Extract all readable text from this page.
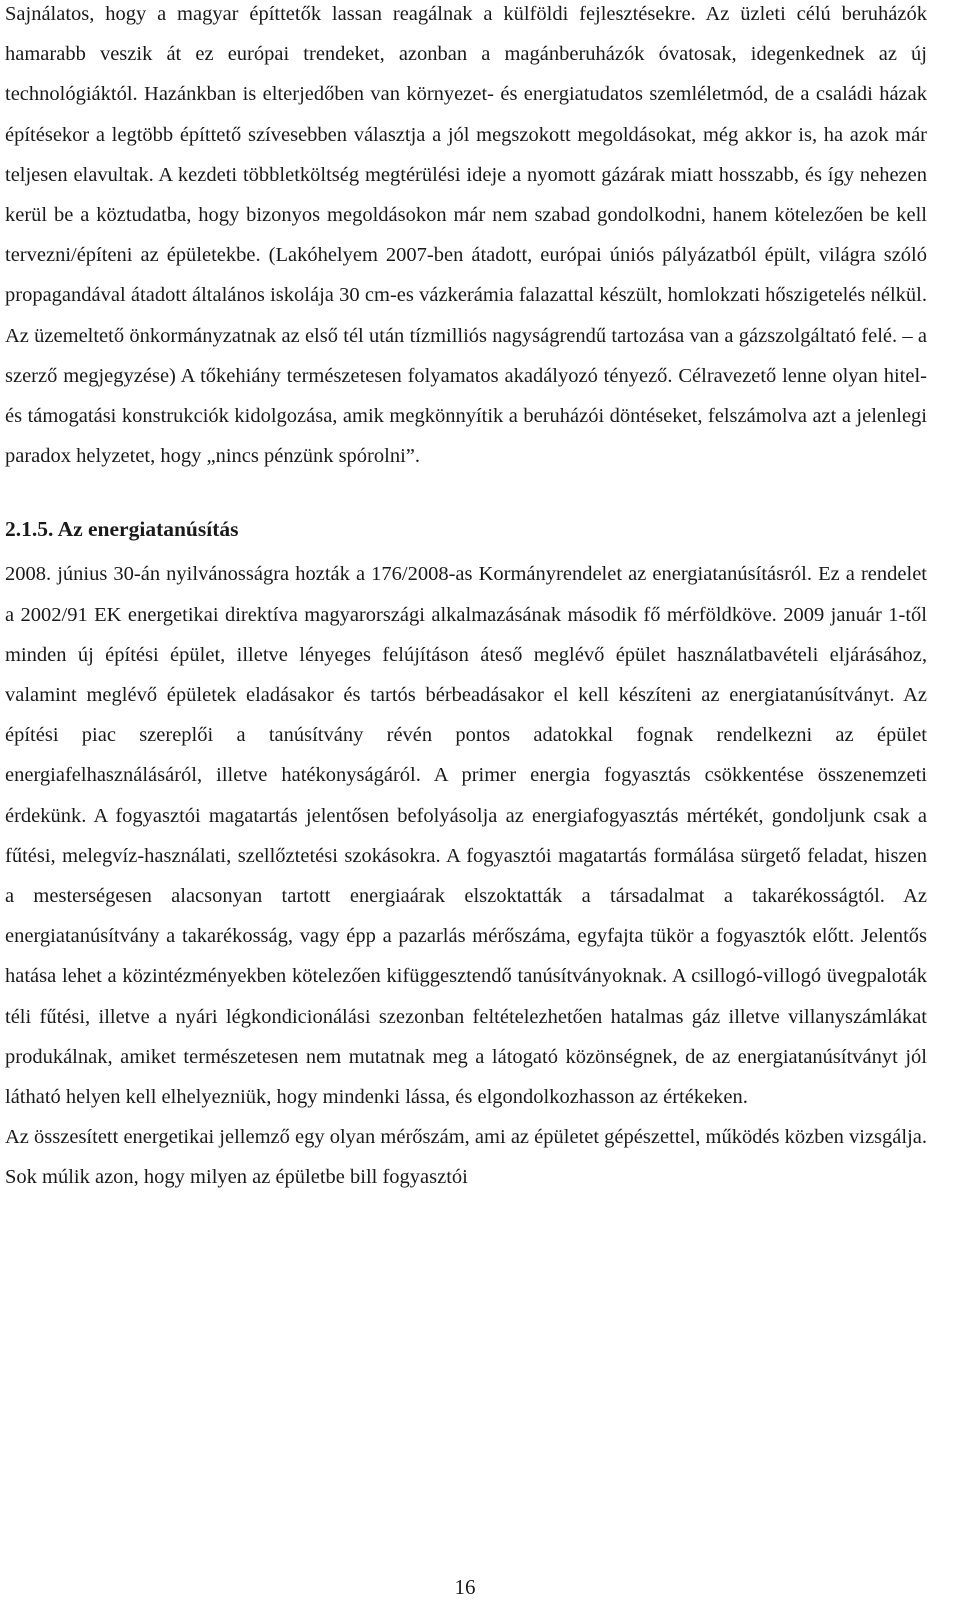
Sajnálatos, hogy a magyar építtetők lassan reagálnak a külföldi fejlesztésekre. Az üzleti célú beruházók hamarabb veszik át ez európai trendeket, azonban a magánberuházók óvatosak, idegenkednek az új technológiáktól. Hazánkban is elterjedőben van környezet- és energiatudatos szemléletmód, de a családi házak építésekor a legtöbb építtető szívesebben választja a jól megszokott megoldásokat, még akkor is, ha azok már teljesen elavultak. A kezdeti többletköltség megtérülési ideje a nyomott gázárak miatt hosszabb, és így nehezen kerül be a köztudatba, hogy bizonyos megoldásokon már nem szabad gondolkodni, hanem kötelezően be kell tervezni/építeni az épületekbe. (Lakóhelyem 2007-ben átadott, európai úniós pályázatból épült, világra szóló propagandával átadott általános iskolája 30 cm-es vázkerámia falazattal készült, homlokzati hőszigetelés nélkül. Az üzemeltető önkormányzatnak az első tél után tízmilliós nagyságrendű tartozása van a gázszolgáltató felé. – a szerző megjegyzése) A tőkehiány természetesen folyamatos akadályozó tényező. Célravezető lenne olyan hitel- és támogatási konstrukciók kidolgozása, amik megkönnyítik a beruházói döntéseket, felszámolva azt a jelenlegi paradox helyzetet, hogy „nincs pénzünk spórolni”.

2.1.5. Az energiatanúsítás

2008. június 30-án nyilvánosságra hozták a 176/2008-as Kormányrendelet az energiatanúsításról. Ez a rendelet a 2002/91 EK energetikai direktíva magyarországi alkalmazásának második fő mérföldköve. 2009 január 1-től minden új építési épület, illetve lényeges felújításon áteső meglévő épület használatbavételi eljárásához, valamint meglévő épületek eladásakor és tartós bérbeadásakor el kell készíteni az energiatanúsítványt. Az építési piac szereplői a tanúsítvány révén pontos adatokkal fognak rendelkezni az épület energiafelhasználásáról, illetve hatékonyságáról. A primer energia fogyasztás csökkentése összenemzeti érdekünk. A fogyasztói magatartás jelentősen befolyásolja az energiafogyasztás mértékét, gondoljunk csak a fűtési, melegvíz-használati, szellőztetési szokásokra. A fogyasztói magatartás formálása sürgető feladat, hiszen a mesterségesen alacsonyan tartott energiaárak elszoktatták a társadalmat a takarékosságtól. Az energiatanúsítvány a takarékosság, vagy épp a pazarlás mérőszáma, egyfajta tükör a fogyasztók előtt. Jelentős hatása lehet a közintézményekben kötelezően kifüggesztendő tanúsítványoknak. A csillogó-villogó üvegpaloták téli fűtési, illetve a nyári légkondicionálási szezonban feltételezhetően hatalmas gáz illetve villanyszámlákat produkálnak, amiket természetesen nem mutatnak meg a látogató közönségnek, de az energiatanúsítványt jól látható helyen kell elhelyezniük, hogy mindenki lássa, és elgondolkozhasson az értékeken.

Az összesített energetikai jellemző egy olyan mérőszám, ami az épületet gépészettel, működés közben vizsgálja. Sok múlik azon, hogy milyen az épületbe bill fogyasztói

16
